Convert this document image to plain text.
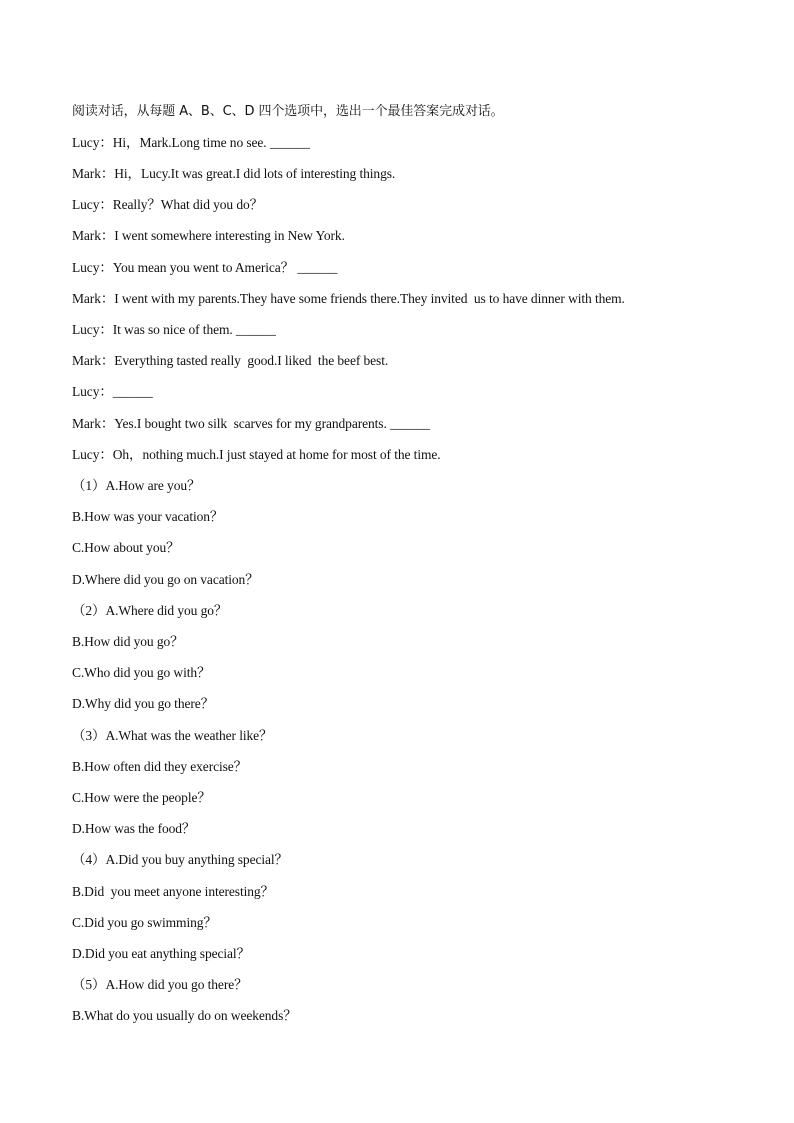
阅读对话，从每题 A、B、C、D 四个选项中，选出一个最佳答案完成对话。
Lucy：Hi，Mark.Long time no see. ______
Mark：Hi，Lucy.It was great.I did lots of interesting things.
Lucy：Really？What did you do？
Mark：I went somewhere interesting in New York.
Lucy：You mean you went to America？ ______
Mark：I went with my parents.They have some friends there.They invited  us to have dinner with them.
Lucy：It was so nice of them. ______
Mark：Everything tasted really  good.I liked  the beef best.
Lucy：______
Mark：Yes.I bought two silk  scarves for my grandparents. ______
Lucy：Oh，nothing much.I just stayed at home for most of the time.
（1）A.How are you？
B.How was your vacation？
C.How about you？
D.Where did you go on vacation？
（2）A.Where did you go？
B.How did you go？
C.Who did you go with？
D.Why did you go there？
（3）A.What was the weather like？
B.How often did they exercise？
C.How were the people？
D.How was the food？
（4）A.Did you buy anything special？
B.Did  you meet anyone interesting？
C.Did you go swimming？
D.Did you eat anything special？
（5）A.How did you go there？
B.What do you usually do on weekends？
